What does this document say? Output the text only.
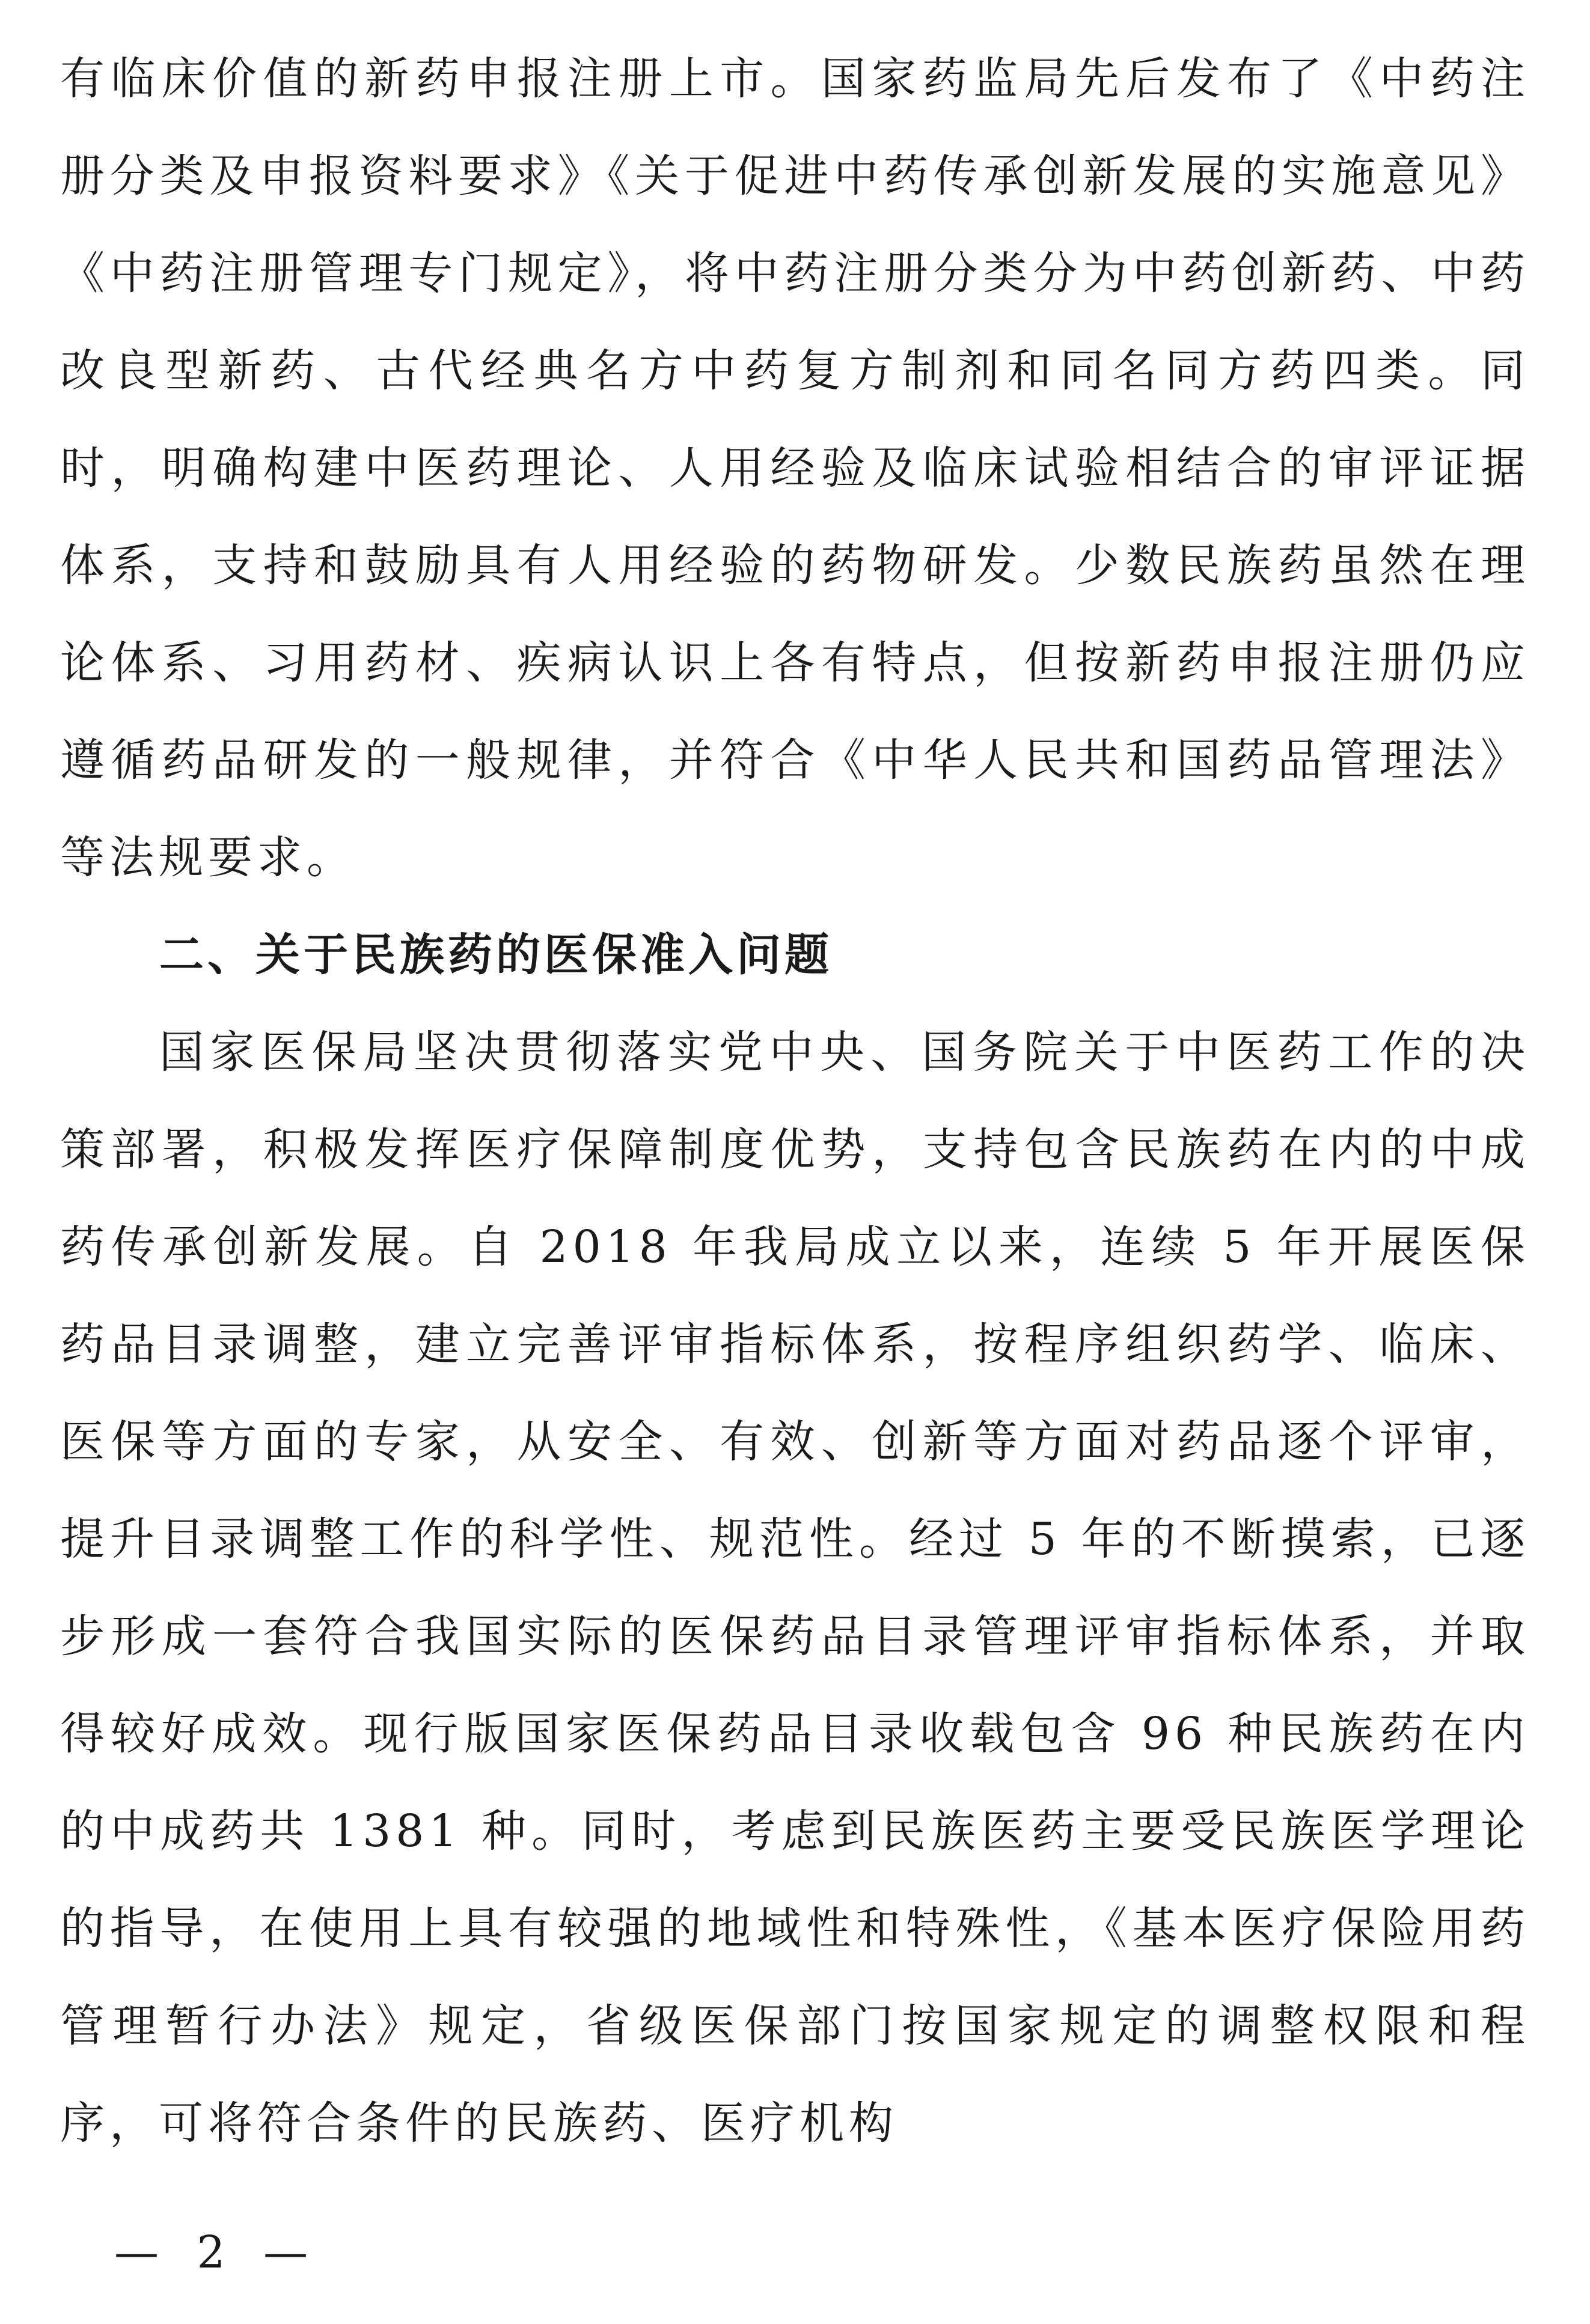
有临床价值的新药申报注册上市。国家药监局先后发布了《中药注册分类及申报资料要求》《关于促进中药传承创新发展的实施意见》《中药注册管理专门规定》，将中药注册分类分为中药创新药、中药改良型新药、古代经典名方中药复方制剂和同名同方药四类。同时，明确构建中医药理论、人用经验及临床试验相结合的审评证据体系，支持和鼓励具有人用经验的药物研发。少数民族药虽然在理论体系、习用药材、疾病认识上各有特点，但按新药申报注册仍应遵循药品研发的一般规律，并符合《中华人民共和国药品管理法》等法规要求。

二、关于民族药的医保准入问题

国家医保局坚决贯彻落实党中央、国务院关于中医药工作的决策部署，积极发挥医疗保障制度优势，支持包含民族药在内的中成药传承创新发展。自 2018 年我局成立以来，连续 5 年开展医保药品目录调整，建立完善评审指标体系，按程序组织药学、临床、医保等方面的专家，从安全、有效、创新等方面对药品逐个评审，提升目录调整工作的科学性、规范性。经过 5 年的不断摸索，已逐步形成一套符合我国实际的医保药品目录管理评审指标体系，并取得较好成效。现行版国家医保药品目录收载包含 96 种民族药在内的中成药共 1381 种。同时，考虑到民族医药主要受民族医学理论的指导，在使用上具有较强的地域性和特殊性，《基本医疗保险用药管理暂行办法》规定，省级医保部门按国家规定的调整权限和程序，可将符合条件的民族药、医疗机构

— 2 —
